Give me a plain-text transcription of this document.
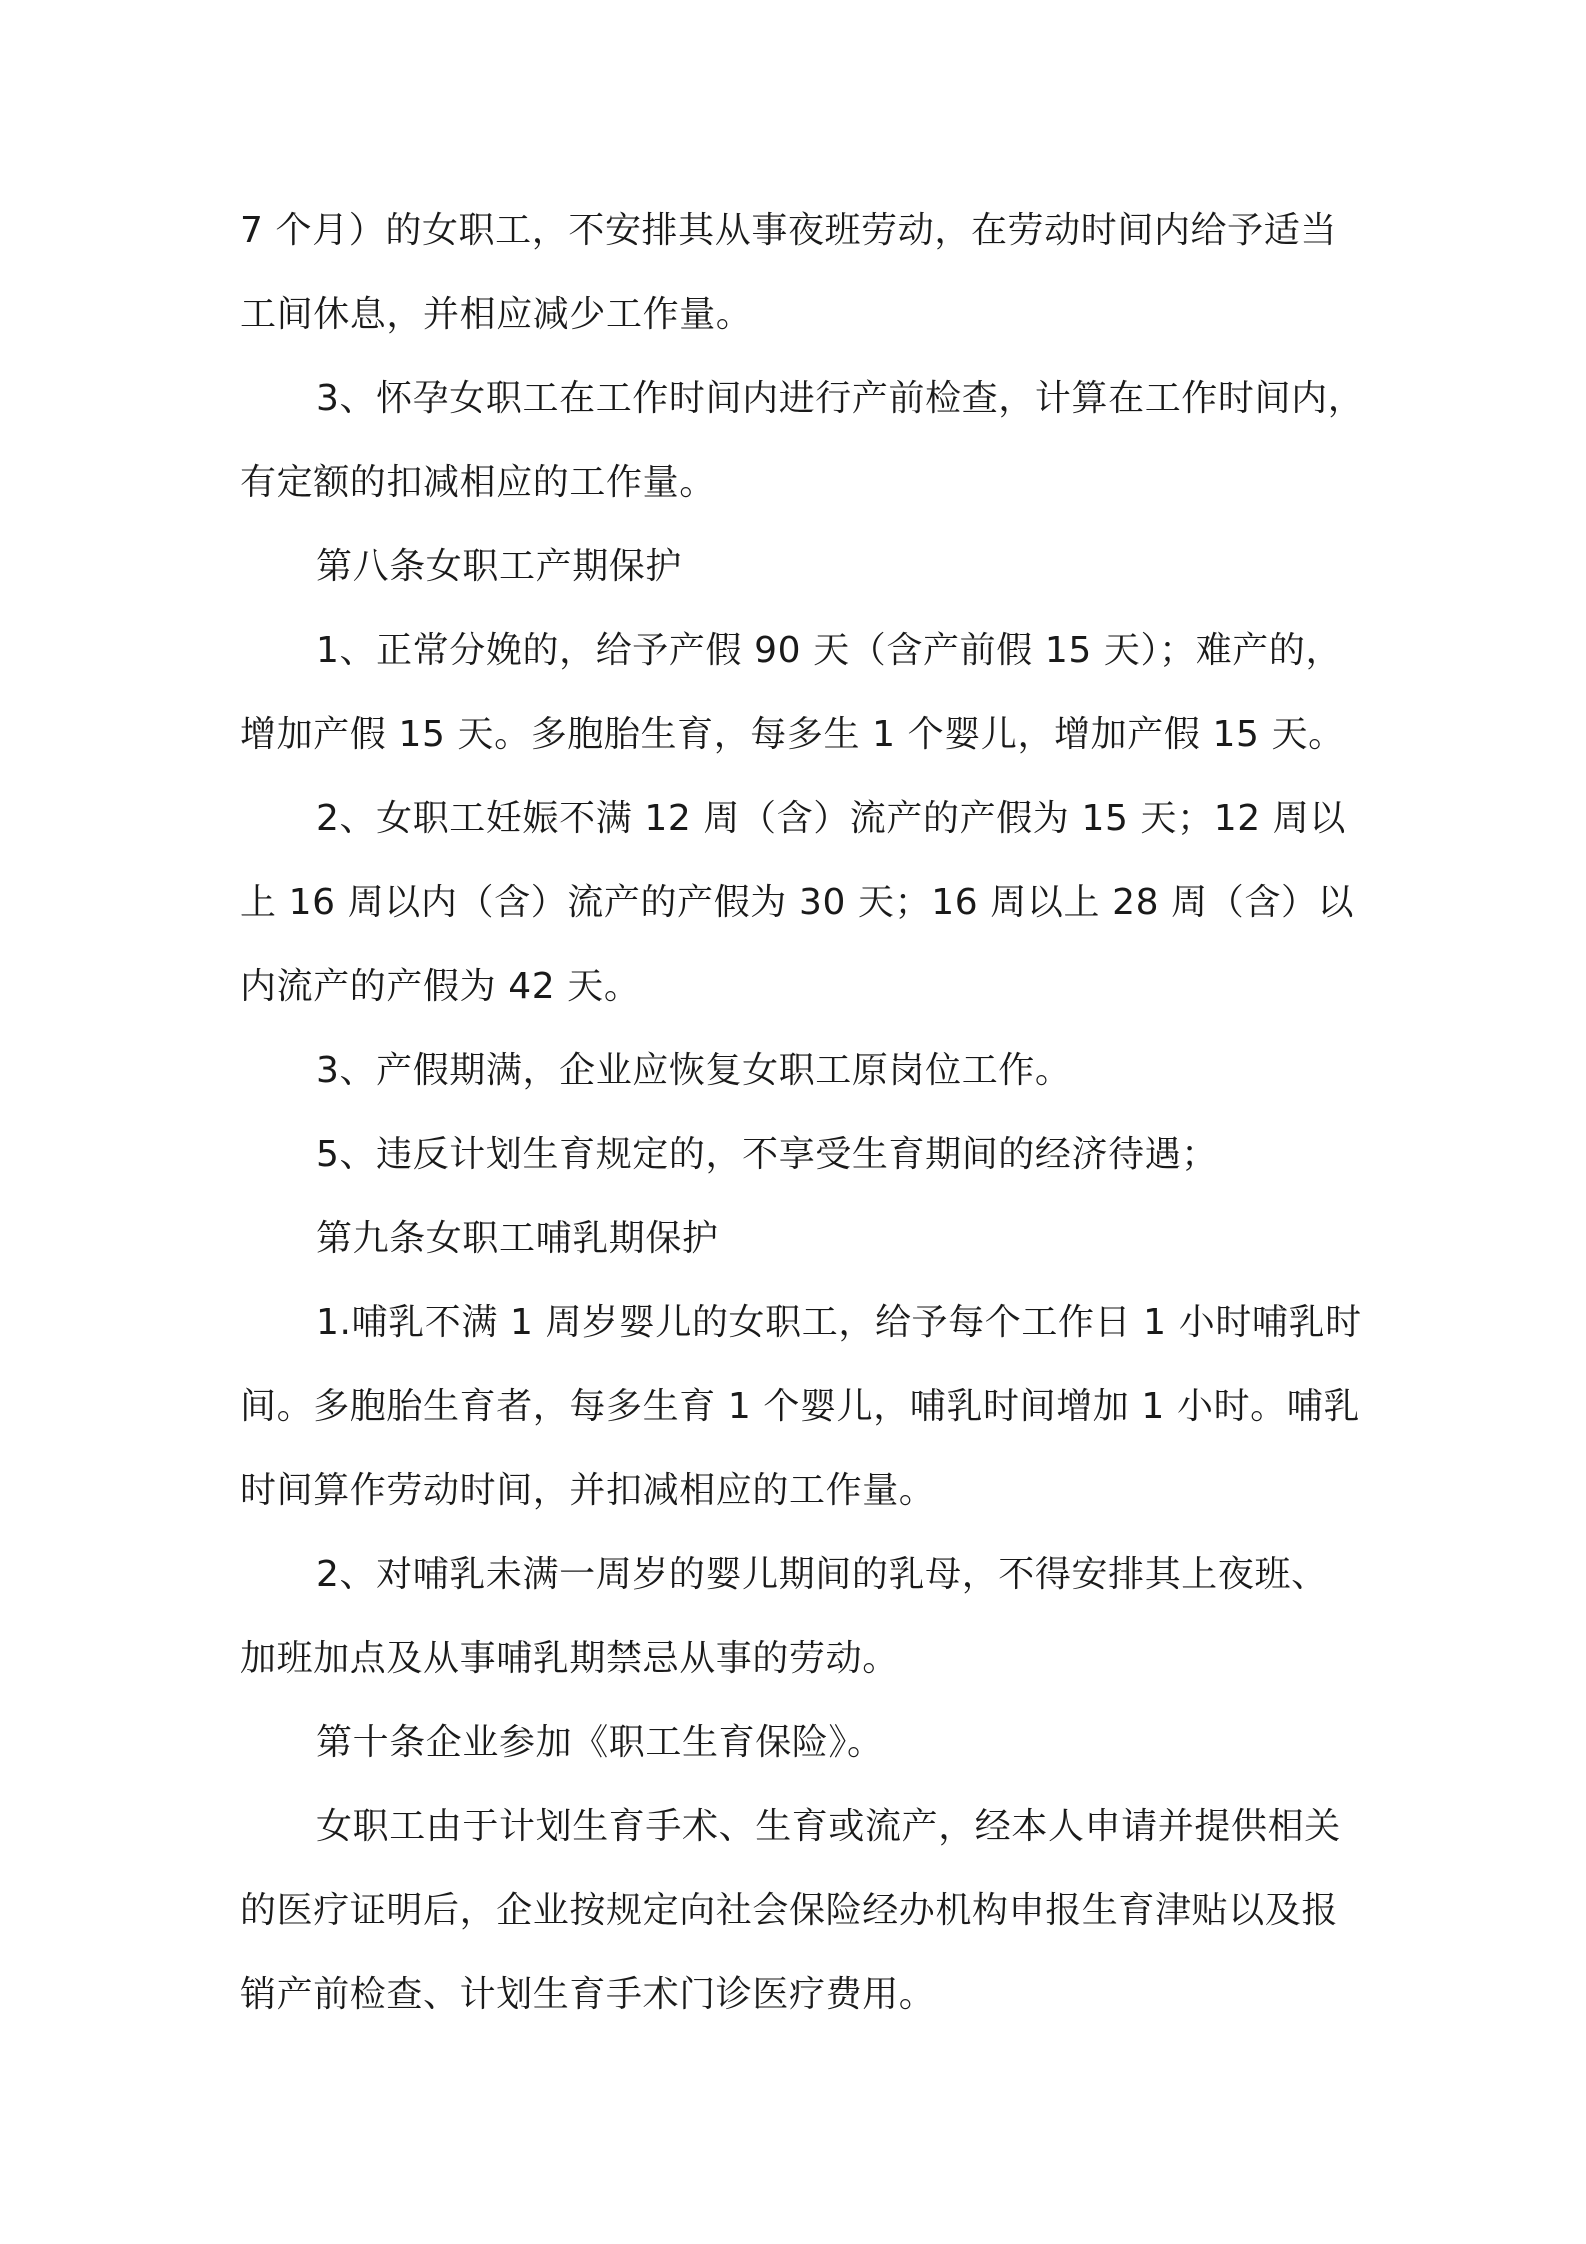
7 个月）的女职工，不安排其从事夜班劳动，在劳动时间内给予适当
工间休息，并相应减少工作量。
3、怀孕女职工在工作时间内进行产前检查，计算在工作时间内，
有定额的扣减相应的工作量。
第八条女职工产期保护
1、正常分娩的，给予产假 90 天（含产前假 15 天）；难产的，
增加产假 15 天。多胞胎生育，每多生 1 个婴儿，增加产假 15 天。
2、女职工妊娠不满 12 周（含）流产的产假为 15 天；12 周以
上 16 周以内（含）流产的产假为 30 天；16 周以上 28 周（含）以
内流产的产假为 42 天。
3、产假期满，企业应恢复女职工原岗位工作。
5、违反计划生育规定的，不享受生育期间的经济待遇；
第九条女职工哺乳期保护
1.哺乳不满 1 周岁婴儿的女职工，给予每个工作日 1 小时哺乳时
间。多胞胎生育者，每多生育 1 个婴儿，哺乳时间增加 1 小时。哺乳
时间算作劳动时间，并扣减相应的工作量。
2、对哺乳未满一周岁的婴儿期间的乳母，不得安排其上夜班、
加班加点及从事哺乳期禁忌从事的劳动。
第十条企业参加《职工生育保险》。
女职工由于计划生育手术、生育或流产，经本人申请并提供相关
的医疗证明后，企业按规定向社会保险经办机构申报生育津贴以及报
销产前检查、计划生育手术门诊医疗费用。
